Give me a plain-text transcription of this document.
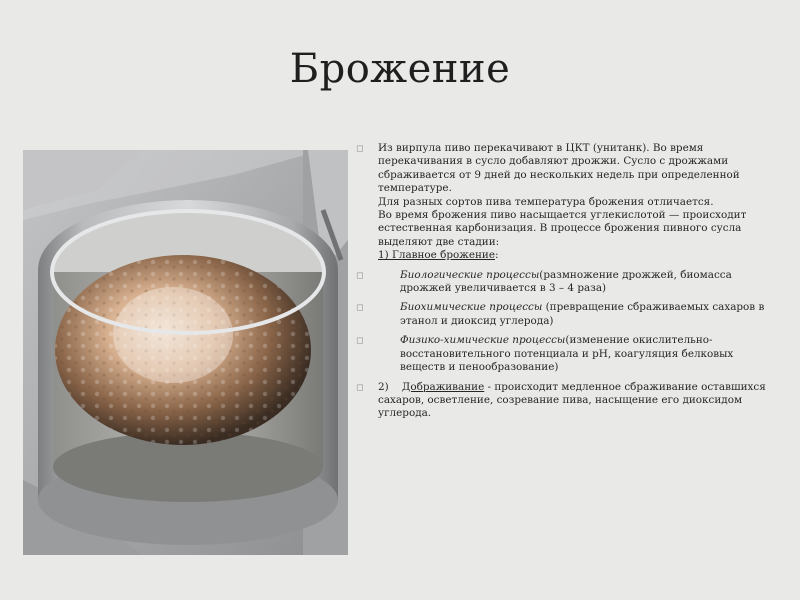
Брожение
◻	Из вирпула пиво перекачивают в ЦКТ (унитанк). Во время перекачивания в сусло добавляют дрожжи. Сусло с дрожжами сбраживается от 9 дней до нескольких недель при определенной температуре.
Для разных сортов пива температура брожения отличается.
Во время брожения пиво насыщается углекислотой — происходит естественная карбонизация. В процессе брожения пивного сусла выделяют две стадии:
1) Главное брожение:
◻	Биологические процессы(размножение дрожжей, биомасса дрожжей увеличивается в 3 – 4 раза)
◻	Биохимические процессы (превращение сбраживаемых сахаров в этанол и диоксид углерода)
◻	Физико-химические процессы(изменение окислительно-восстановительного потенциала и pH, коагуляция белковых веществ и пенообразование)
◻	2)    Дображивание - происходит медленное сбраживание оставшихся сахаров, осветление, созревание пива, насыщение его диоксидом углерода.
